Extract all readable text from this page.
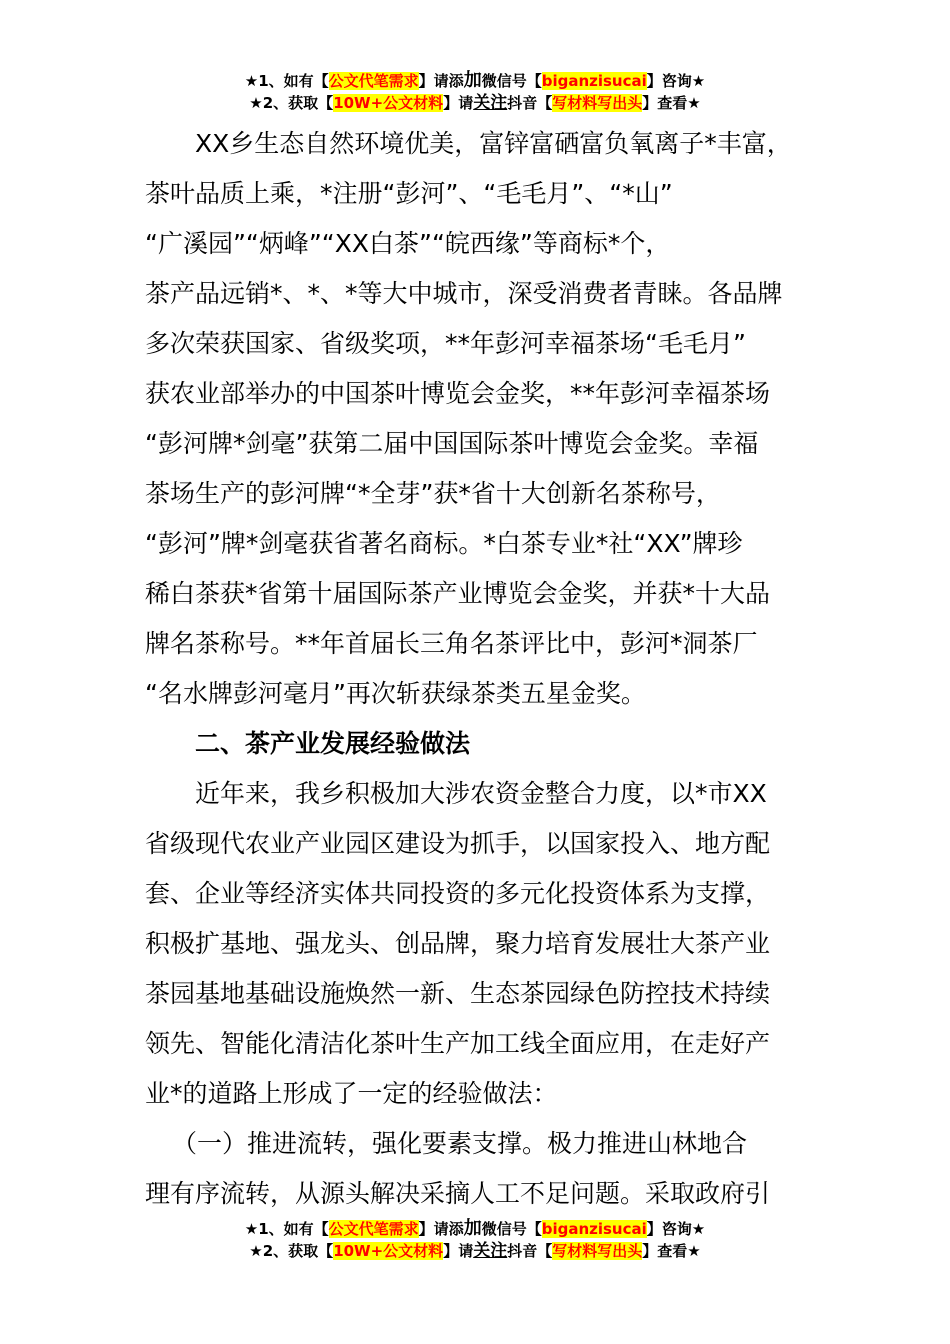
★1、如有【公文代笔需求】请添加微信号【biganzisucai】咨询★
★2、获取【10W+公文材料】请关注抖音【写材料写出头】查看★
XX乡生态自然环境优美，富锌富硒富负氧离子*丰富，
茶叶品质上乘，*注册“彭河”、“毛毛月”、“*山”
“广溪园”“炳峰”“XX白茶”“皖西缘”等商标*个，
茶产品远销*、*、*等大中城市，深受消费者青睐。各品牌
多次荣获国家、省级奖项，**年彭河幸福茶场“毛毛月”
获农业部举办的中国茶叶博览会金奖，**年彭河幸福茶场
“彭河牌*剑毫”获第二届中国国际茶叶博览会金奖。幸福
茶场生产的彭河牌“*全芽”获*省十大创新名茶称号，
“彭河”牌*剑毫获省著名商标。*白茶专业*社“XX”牌珍
稀白茶获*省第十届国际茶产业博览会金奖，并获*十大品
牌名茶称号。**年首届长三角名茶评比中，彭河*洞茶厂
“名水牌彭河毫月”再次斩获绿茶类五星金奖。
二、茶产业发展经验做法
近年来，我乡积极加大涉农资金整合力度，以*市XX
省级现代农业产业园区建设为抓手，以国家投入、地方配
套、企业等经济实体共同投资的多元化投资体系为支撑，
积极扩基地、强龙头、创品牌，聚力培育发展壮大茶产业
茶园基地基础设施焕然一新、生态茶园绿色防控技术持续
领先、智能化清洁化茶叶生产加工线全面应用，在走好产
业*的道路上形成了一定的经验做法：
（一）推进流转，强化要素支撑。极力推进山林地合
理有序流转，从源头解决采摘人工不足问题。采取政府引
★1、如有【公文代笔需求】请添加微信号【biganzisucai】咨询★
★2、获取【10W+公文材料】请关注抖音【写材料写出头】查看★
